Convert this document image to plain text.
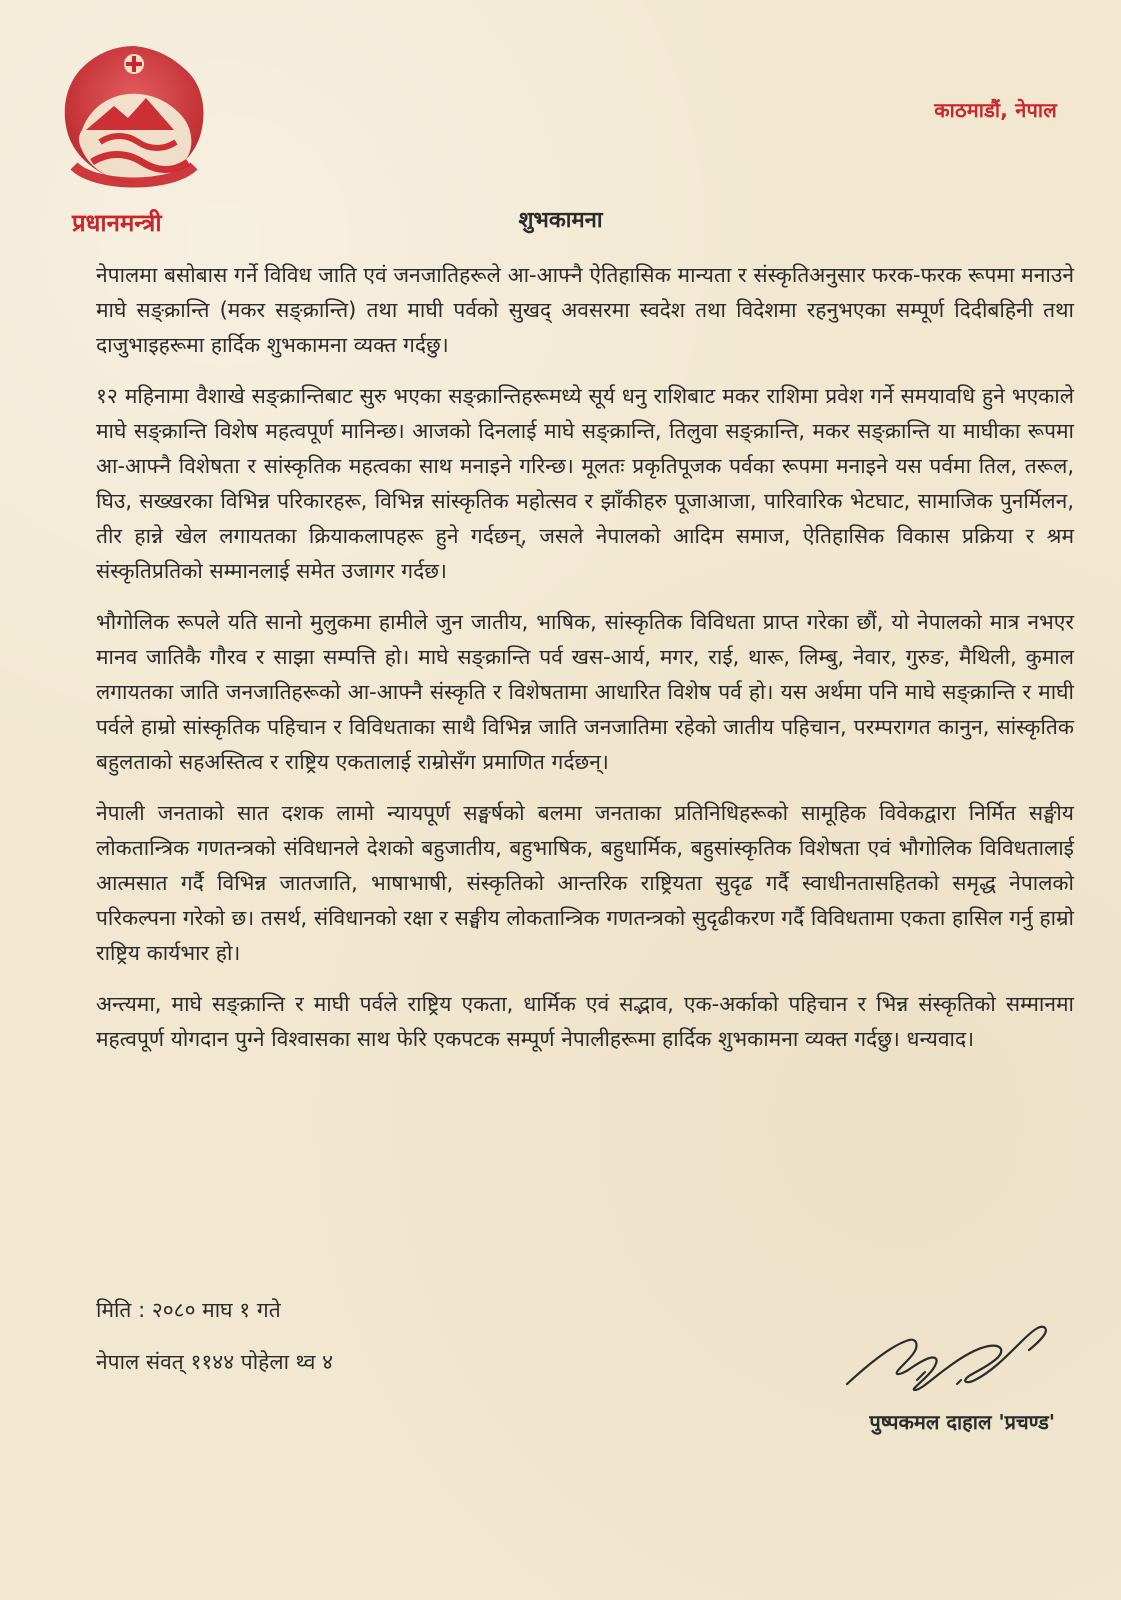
काठमाडौं, नेपाल
प्रधानमन्त्री	शुभकामना

नेपालमा बसोबास गर्ने विविध जाति एवं जनजातिहरूले आ-आफ्नै ऐतिहासिक मान्यता र संस्कृतिअनुसार फरक-फरक रूपमा मनाउने माघे सङ्क्रान्ति (मकर सङ्क्रान्ति) तथा माघी पर्वको सुखद् अवसरमा स्वदेश तथा विदेशमा रहनुभएका सम्पूर्ण दिदीबहिनी तथा दाजुभाइहरूमा हार्दिक शुभकामना व्यक्त गर्दछु।

१२ महिनामा वैशाखे सङ्क्रान्तिबाट सुरु भएका सङ्क्रान्तिहरूमध्ये सूर्य धनु राशिबाट मकर राशिमा प्रवेश गर्ने समयावधि हुने भएकाले माघे सङ्क्रान्ति विशेष महत्वपूर्ण मानिन्छ। आजको दिनलाई माघे सङ्क्रान्ति, तिलुवा सङ्क्रान्ति, मकर सङ्क्रान्ति या माघीका रूपमा आ-आफ्नै विशेषता र सांस्कृतिक महत्वका साथ मनाइने गरिन्छ। मूलतः प्रकृतिपूजक पर्वका रूपमा मनाइने यस पर्वमा तिल, तरूल, घिउ, सख्खरका विभिन्न परिकारहरू, विभिन्न सांस्कृतिक महोत्सव र झाँकीहरु पूजाआजा, पारिवारिक भेटघाट, सामाजिक पुनर्मिलन, तीर हान्ने खेल लगायतका क्रियाकलापहरू हुने गर्दछन्, जसले नेपालको आदिम समाज, ऐतिहासिक विकास प्रक्रिया र श्रम संस्कृतिप्रतिको सम्मानलाई समेत उजागर गर्दछ।

भौगोलिक रूपले यति सानो मुलुकमा हामीले जुन जातीय, भाषिक, सांस्कृतिक विविधता प्राप्त गरेका छौं, यो नेपालको मात्र नभएर मानव जातिकै गौरव र साझा सम्पत्ति हो। माघे सङ्क्रान्ति पर्व खस-आर्य, मगर, राई, थारू, लिम्बु, नेवार, गुरुङ, मैथिली, कुमाल लगायतका जाति जनजातिहरूको आ-आफ्नै संस्कृति र विशेषतामा आधारित विशेष पर्व हो। यस अर्थमा पनि माघे सङ्क्रान्ति र माघी पर्वले हाम्रो सांस्कृतिक पहिचान र विविधताका साथै विभिन्न जाति जनजातिमा रहेको जातीय पहिचान, परम्परागत कानुन, सांस्कृतिक बहुलताको सहअस्तित्व र राष्ट्रिय एकतालाई राम्रोसँग प्रमाणित गर्दछन्।

नेपाली जनताको सात दशक लामो न्यायपूर्ण सङ्घर्षको बलमा जनताका प्रतिनिधिहरूको सामूहिक विवेकद्वारा निर्मित सङ्घीय लोकतान्त्रिक गणतन्त्रको संविधानले देशको बहुजातीय, बहुभाषिक, बहुधार्मिक, बहुसांस्कृतिक विशेषता एवं भौगोलिक विविधतालाई आत्मसात गर्दै विभिन्न जातजाति, भाषाभाषी, संस्कृतिको आन्तरिक राष्ट्रियता सुदृढ गर्दै स्वाधीनतासहितको समृद्ध नेपालको परिकल्पना गरेको छ। तसर्थ, संविधानको रक्षा र सङ्घीय लोकतान्त्रिक गणतन्त्रको सुदृढीकरण गर्दै विविधतामा एकता हासिल गर्नु हाम्रो राष्ट्रिय कार्यभार हो।

अन्त्यमा, माघे सङ्क्रान्ति र माघी पर्वले राष्ट्रिय एकता, धार्मिक एवं सद्भाव, एक-अर्काको पहिचान र भिन्न संस्कृतिको सम्मानमा महत्वपूर्ण योगदान पुग्ने विश्वासका साथ फेरि एकपटक सम्पूर्ण नेपालीहरूमा हार्दिक शुभकामना व्यक्त गर्दछु। धन्यवाद।

मिति : २०८० माघ १ गते
नेपाल संवत् ११४४ पोहेला थ्व ४
पुष्पकमल दाहाल 'प्रचण्ड'
